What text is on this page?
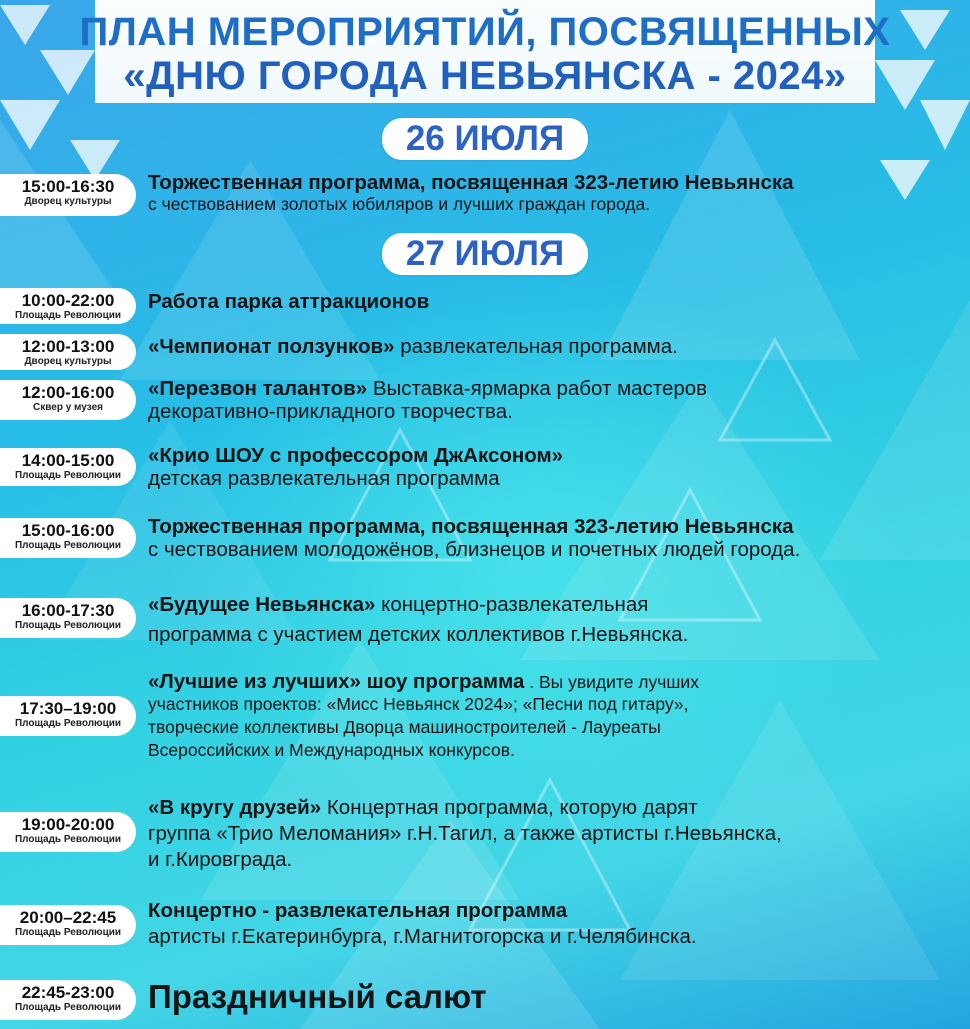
ПЛАН МЕРОПРИЯТИЙ, ПОСВЯЩЕННЫХ
«ДНЮ ГОРОДА НЕВЬЯНСКА - 2024»
26 ИЮЛЯ
15:00-16:30
Дворец культуры
Торжественная программа, посвященная 323-летию Невьянска
с чествованием золотых юбиляров и лучших граждан города.
27 ИЮЛЯ
10:00-22:00
Площадь Революции
Работа парка аттракционов
12:00-13:00
Дворец культуры
«Чемпионат ползунков» развлекательная программа.
12:00-16:00
Сквер у музея
«Перезвон талантов» Выставка-ярмарка работ мастеров
декоративно-прикладного творчества.
14:00-15:00
Площадь Революции
«Крио ШОУ с профессором ДжАксоном»
детская развлекательная программа
15:00-16:00
Площадь Революции
Торжественная программа, посвященная 323-летию Невьянска
с чествованием молодожёнов, близнецов и почетных людей города.
16:00-17:30
Площадь Революции
«Будущее Невьянска» концертно-развлекательная
программа с участием детских коллективов г.Невьянска.
17:30–19:00
Площадь Революции
«Лучшие из лучших» шоу программа . Вы увидите лучших
участников проектов: «Мисс Невьянск 2024»; «Песни под гитару»,
творческие коллективы Дворца машиностроителей - Лауреаты
Всероссийских и Международных конкурсов.
19:00-20:00
Площадь Революции
«В кругу друзей» Концертная программа, которую дарят
группа «Трио Меломания» г.Н.Тагил, а также артисты г.Невьянска,
и г.Кировграда.
20:00–22:45
Площадь Революции
Концертно - развлекательная программа
артисты г.Екатеринбурга, г.Магнитогорска и г.Челябинска.
22:45-23:00
Площадь Революции Праздничный салют
